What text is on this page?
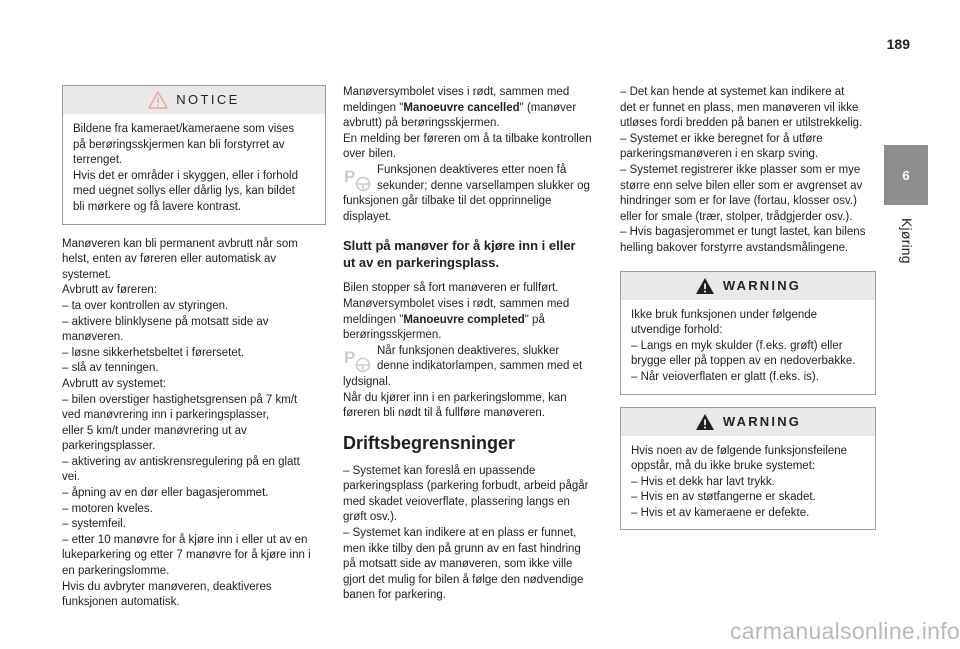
189
6
Kjøring
NOTICE
Bildene fra kameraet/kameraene som vises
på berøringsskjermen kan bli forstyrret av
terrenget.
Hvis det er områder i skyggen, eller i forhold
med uegnet sollys eller dårlig lys, kan bildet
bli mørkere og få lavere kontrast.
Manøveren kan bli permanent avbrutt når som
helst, enten av føreren eller automatisk av
systemet.
Avbrutt av føreren:
– ta over kontrollen av styringen.
– aktivere blinklysene på motsatt side av
manøveren.
– løsne sikkerhetsbeltet i førersetet.
– slå av tenningen.
Avbrutt av systemet:
– bilen overstiger hastighetsgrensen på 7 km/t
ved manøvrering inn i parkeringsplasser,
eller 5 km/t under manøvrering ut av
parkeringsplasser.
– aktivering av antiskrensregulering på en glatt
vei.
– åpning av en dør eller bagasjerommet.
– motoren kveles.
– systemfeil.
– etter 10 manøvre for å kjøre inn i eller ut av en
lukeparkering og etter 7 manøvre for å kjøre inn i
en parkeringslomme.
Hvis du avbryter manøveren, deaktiveres
funksjonen automatisk.
Manøversymbolet vises i rødt, sammen med
meldingen "Manoeuvre cancelled" (manøver
avbrutt) på berøringsskjermen.
En melding ber føreren om å ta tilbake kontrollen
over bilen.
P Funksjonen deaktiveres etter noen få
sekunder; denne varsellampen slukker og
funksjonen går tilbake til det opprinnelige
displayet.
Slutt på manøver for å kjøre inn i eller
ut av en parkeringsplass.
Bilen stopper så fort manøveren er fullført.
Manøversymbolet vises i rødt, sammen med
meldingen "Manoeuvre completed" på
berøringsskjermen.
P Når funksjonen deaktiveres, slukker
denne indikatorlampen, sammen med et
lydsignal.
Når du kjører inn i en parkeringslomme, kan
føreren bli nødt til å fullføre manøveren.
Driftsbegrensninger
– Systemet kan foreslå en upassende
parkeringsplass (parkering forbudt, arbeid pågår
med skadet veioverflate, plassering langs en
grøft osv.).
– Systemet kan indikere at en plass er funnet,
men ikke tilby den på grunn av en fast hindring
på motsatt side av manøveren, som ikke ville
gjort det mulig for bilen å følge den nødvendige
banen for parkering.
– Det kan hende at systemet kan indikere at
det er funnet en plass, men manøveren vil ikke
utløses fordi bredden på banen er utilstrekkelig.
– Systemet er ikke beregnet for å utføre
parkeringsmanøveren i en skarp sving.
– Systemet registrerer ikke plasser som er mye
større enn selve bilen eller som er avgrenset av
hindringer som er for lave (fortau, klosser osv.)
eller for smale (trær, stolper, trådgjerder osv.).
– Hvis bagasjerommet er tungt lastet, kan bilens
helling bakover forstyrre avstandsmålingene.
WARNING
Ikke bruk funksjonen under følgende
utvendige forhold:
– Langs en myk skulder (f.eks. grøft) eller
brygge eller på toppen av en nedoverbakke.
– Når veioverflaten er glatt (f.eks. is).
WARNING
Hvis noen av de følgende funksjonsfeilene
oppstår, må du ikke bruke systemet:
– Hvis et dekk har lavt trykk.
– Hvis en av støtfangerne er skadet.
– Hvis et av kameraene er defekte.
carmanualsonline.info
